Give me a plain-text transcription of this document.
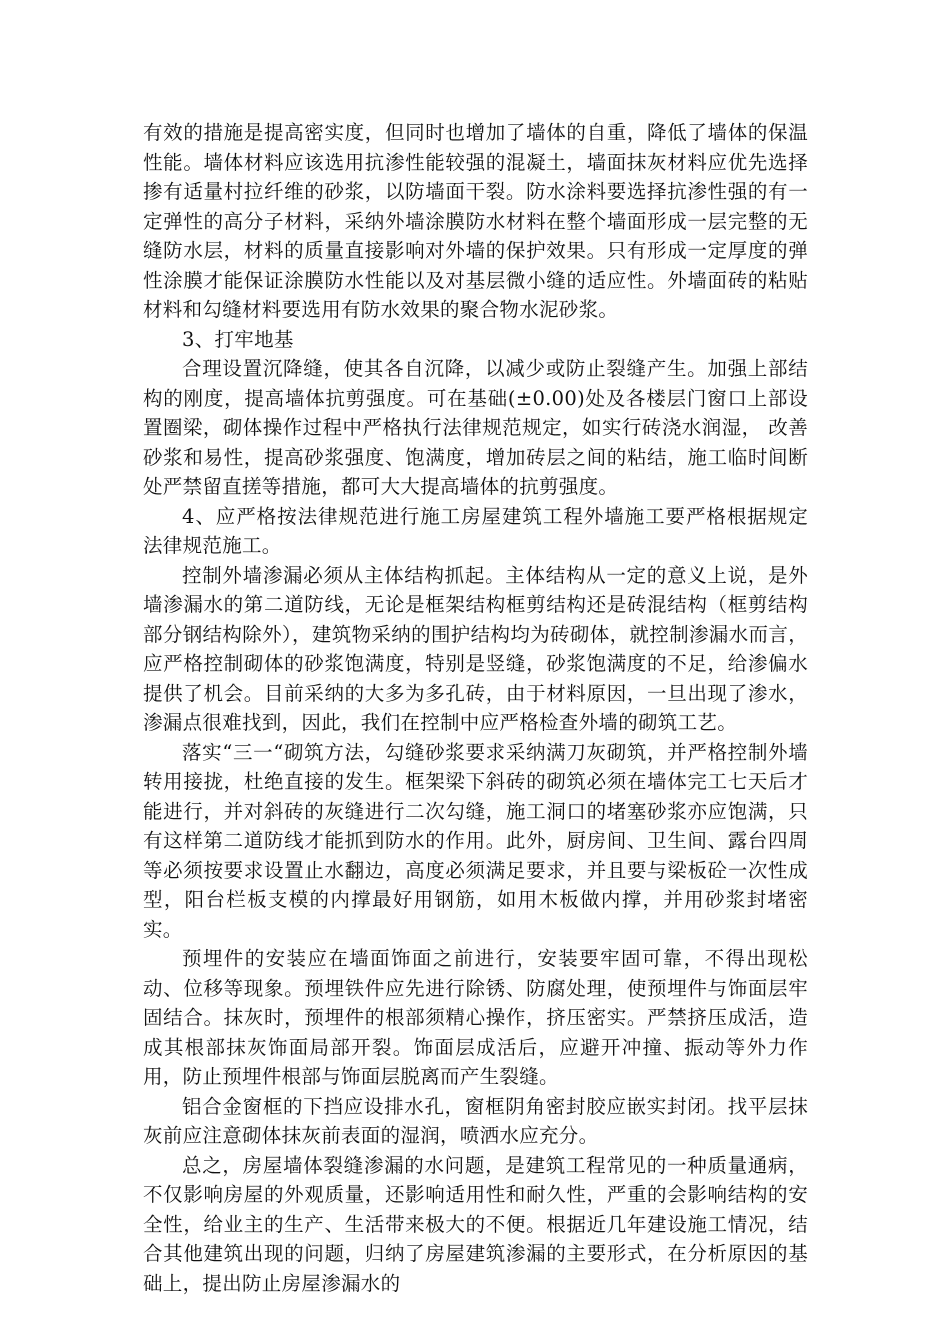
有效的措施是提高密实度，但同时也增加了墙体的自重，降低了墙体的保温性能。墙体材料应该选用抗渗性能较强的混凝土，墙面抹灰材料应优先选择掺有适量村拉纤维的砂浆，以防墙面干裂。防水涂料要选择抗渗性强的有一定弹性的高分子材料，采纳外墙涂膜防水材料在整个墙面形成一层完整的无缝防水层，材料的质量直接影响对外墙的保护效果。只有形成一定厚度的弹性涂膜才能保证涂膜防水性能以及对基层微小缝的适应性。外墙面砖的粘贴材料和勾缝材料要选用有防水效果的聚合物水泥砂浆。

3、打牢地基

合理设置沉降缝，使其各自沉降，以减少或防止裂缝产生。加强上部结构的刚度，提高墙体抗剪强度。可在基础(±0.00)处及各楼层门窗口上部设置圈梁，砌体操作过程中严格执行法律规范规定，如实行砖浇水润湿， 改善砂浆和易性，提高砂浆强度、饱满度，增加砖层之间的粘结，施工临时间断处严禁留直搓等措施，都可大大提高墙体的抗剪强度。

4、应严格按法律规范进行施工房屋建筑工程外墙施工要严格根据规定法律规范施工。

控制外墙渗漏必须从主体结构抓起。主体结构从一定的意义上说，是外墙渗漏水的第二道防线，无论是框架结构框剪结构还是砖混结构（框剪结构部分钢结构除外），建筑物采纳的围护结构均为砖砌体，就控制渗漏水而言，应严格控制砌体的砂浆饱满度，特别是竖缝，砂浆饱满度的不足，给渗偏水提供了机会。目前采纳的大多为多孔砖，由于材料原因，一旦出现了渗水，渗漏点很难找到，因此，我们在控制中应严格检查外墙的砌筑工艺。

落实“三一“砌筑方法，勾缝砂浆要求采纳满刀灰砌筑，并严格控制外墙转用接拢，杜绝直接的发生。框架梁下斜砖的砌筑必须在墙体完工七天后才能进行，并对斜砖的灰缝进行二次勾缝，施工洞口的堵塞砂浆亦应饱满，只有这样第二道防线才能抓到防水的作用。此外，厨房间、卫生间、露台四周等必须按要求设置止水翻边，高度必须满足要求，并且要与梁板砼一次性成型，阳台栏板支模的内撑最好用钢筋，如用木板做内撑，并用砂浆封堵密实。

预埋件的安装应在墙面饰面之前进行，安装要牢固可靠，不得出现松动、位移等现象。预埋铁件应先进行除锈、防腐处理，使预埋件与饰面层牢固结合。抹灰时，预埋件的根部须精心操作，挤压密实。严禁挤压成活，造成其根部抹灰饰面局部开裂。饰面层成活后，应避开冲撞、振动等外力作用，防止预埋件根部与饰面层脱离而产生裂缝。

铝合金窗框的下挡应设排水孔，窗框阴角密封胶应嵌实封闭。找平层抹灰前应注意砌体抹灰前表面的湿润，喷洒水应充分。

总之，房屋墙体裂缝渗漏的水问题，是建筑工程常见的一种质量通病，不仅影响房屋的外观质量，还影响适用性和耐久性，严重的会影响结构的安全性，给业主的生产、生活带来极大的不便。根据近几年建设施工情况，结合其他建筑出现的问题，归纳了房屋建筑渗漏的主要形式，在分析原因的基础上，提出防止房屋渗漏水的
